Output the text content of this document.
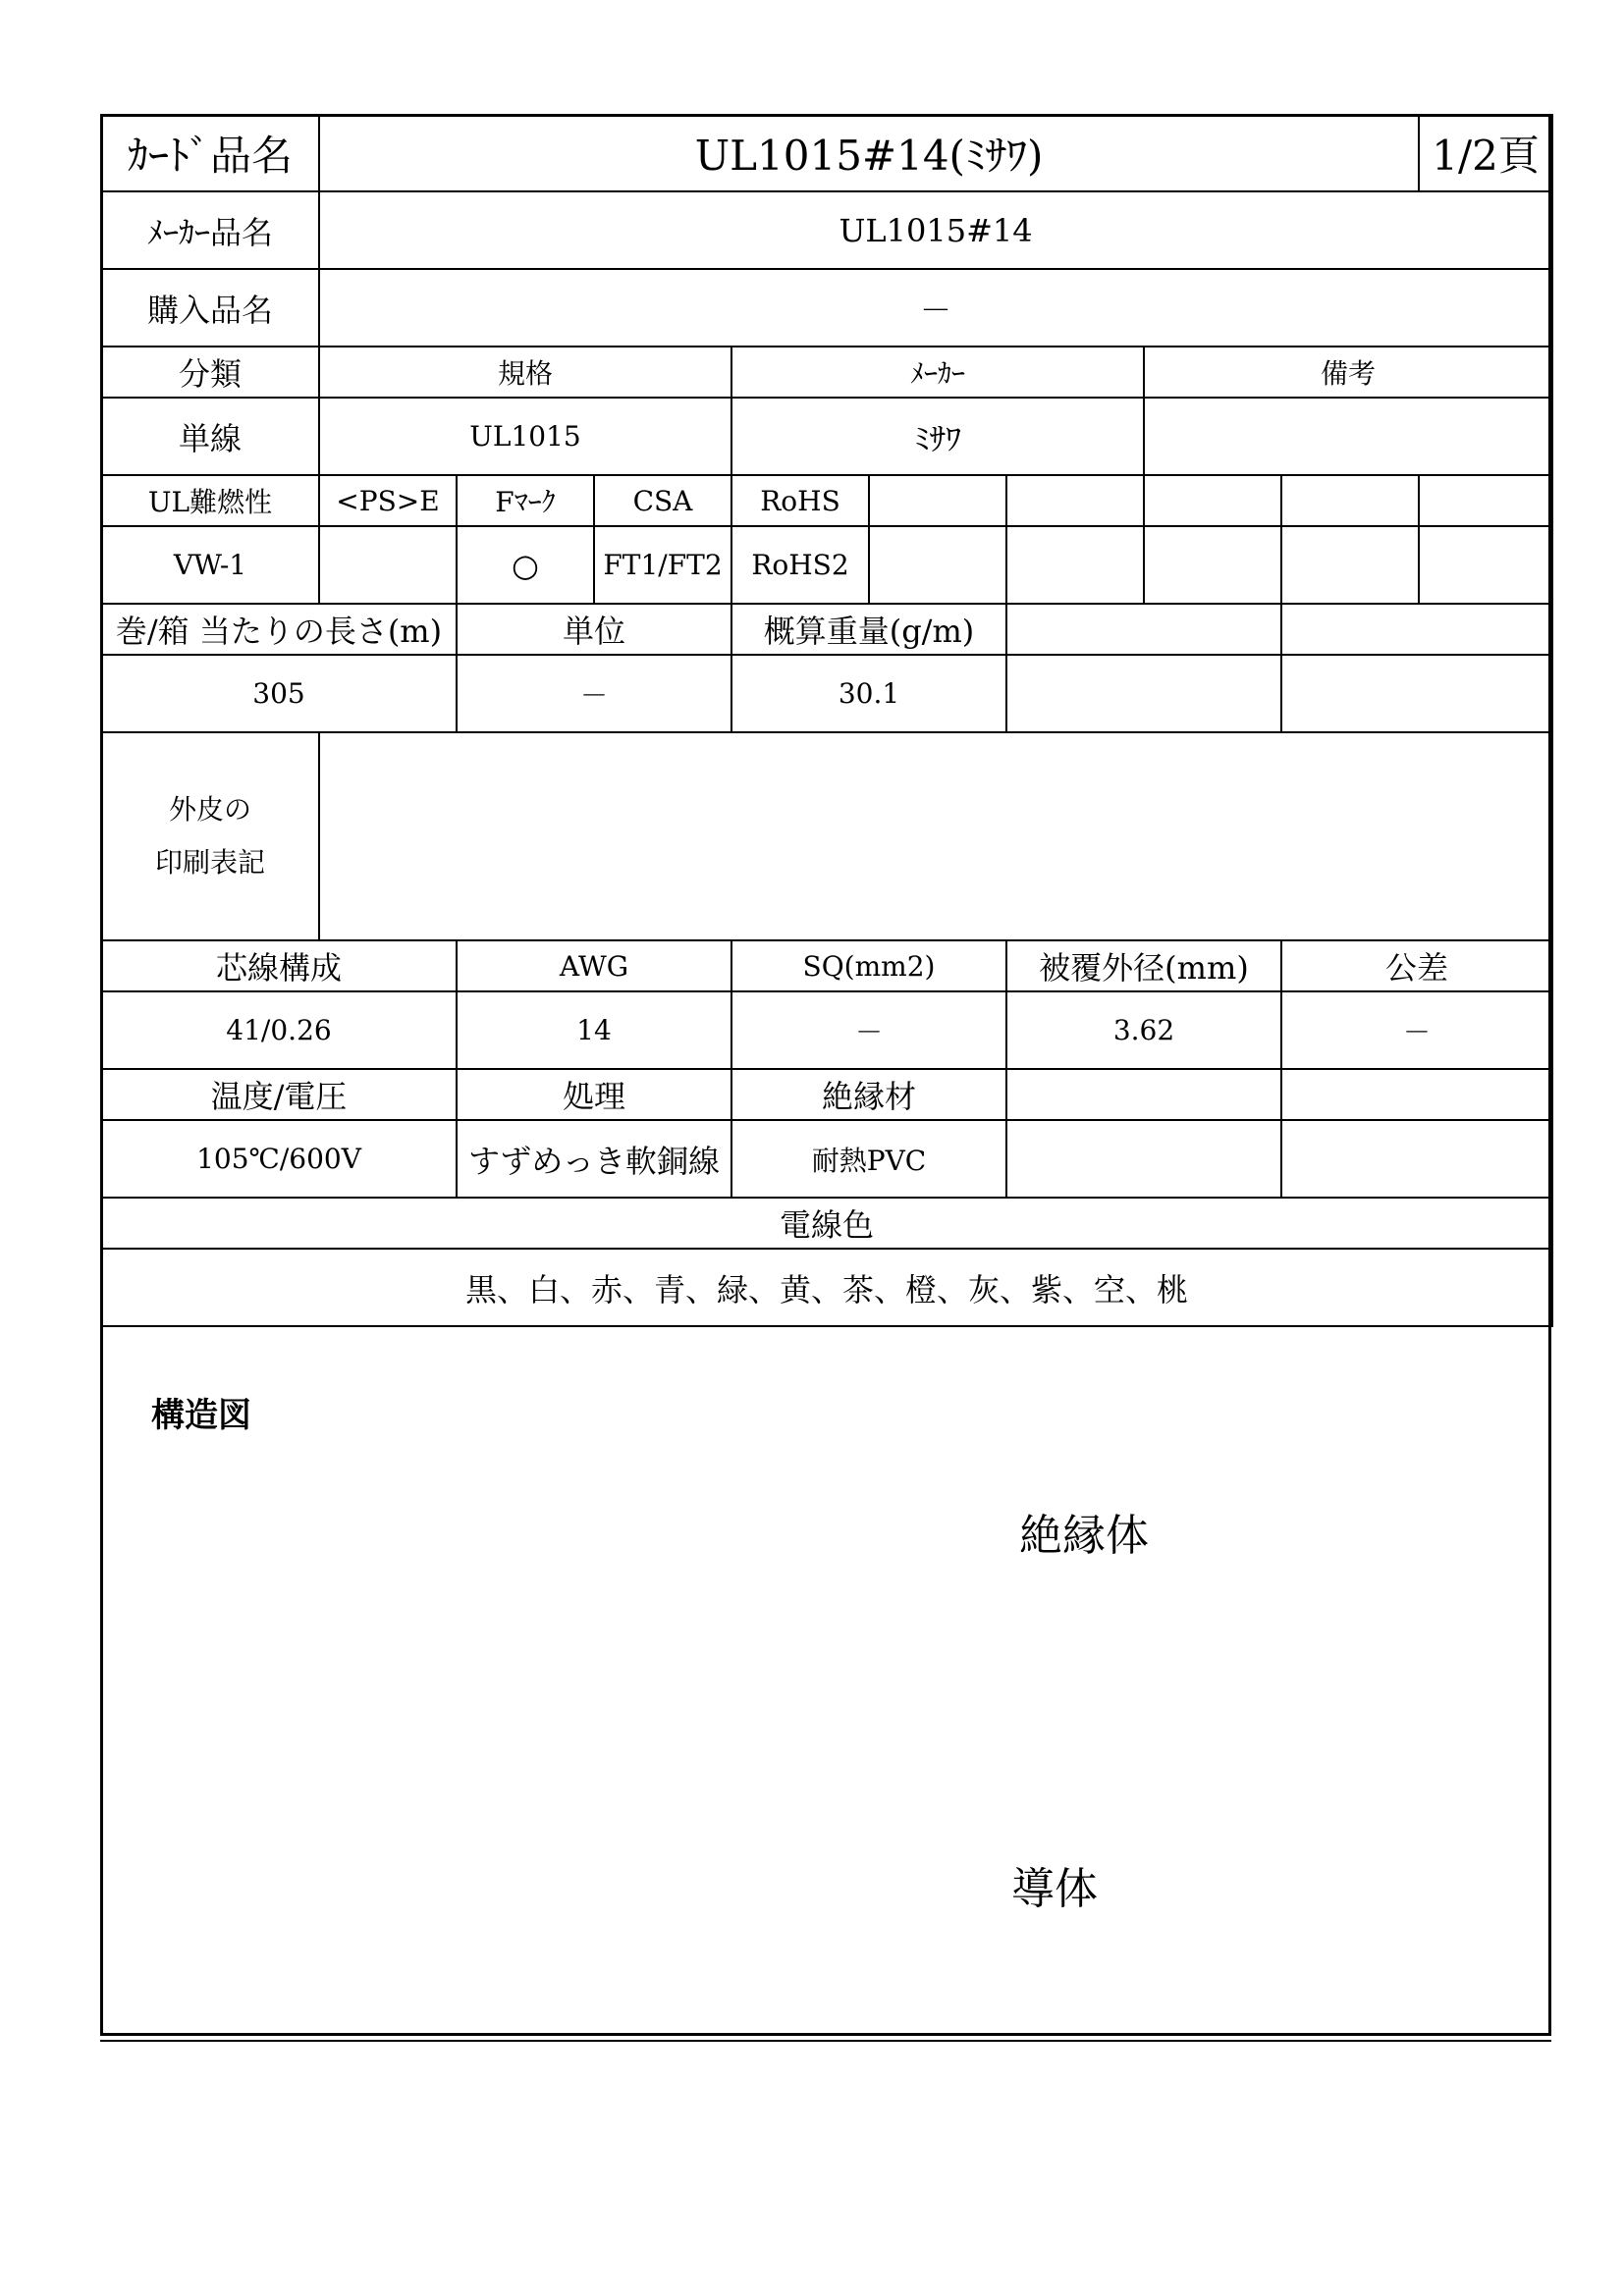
ｶｰﾄﾞ品名	UL1015#14(ﾐｻﾜ)								1/2頁
ﾒｰｶｰ品名	UL1015#14								
購入品名	－								
分類	規格			ﾒｰｶｰ			備考		
単線	UL1015			ﾐｻﾜ					
UL難燃性	<PS>E	Fﾏｰｸ	CSA	RoHS					
VW-1		○	FT1/FT2	RoHS2					
巻/箱 当たりの長さ(m)		単位		概算重量(g/m)					
305		－		30.1					

外皮の
印刷表記									

芯線構成		AWG		SQ(mm2)		被覆外径(mm)		公差	
41/0.26		14		－		3.62		－	
温度/電圧		処理		絶縁材					
105℃/600V		すずめっき軟銅線		耐熱PVC					
電線色									
黒、白、赤、青、緑、黄、茶、橙、灰、紫、空、桃									
構造図
絶縁体
導体
